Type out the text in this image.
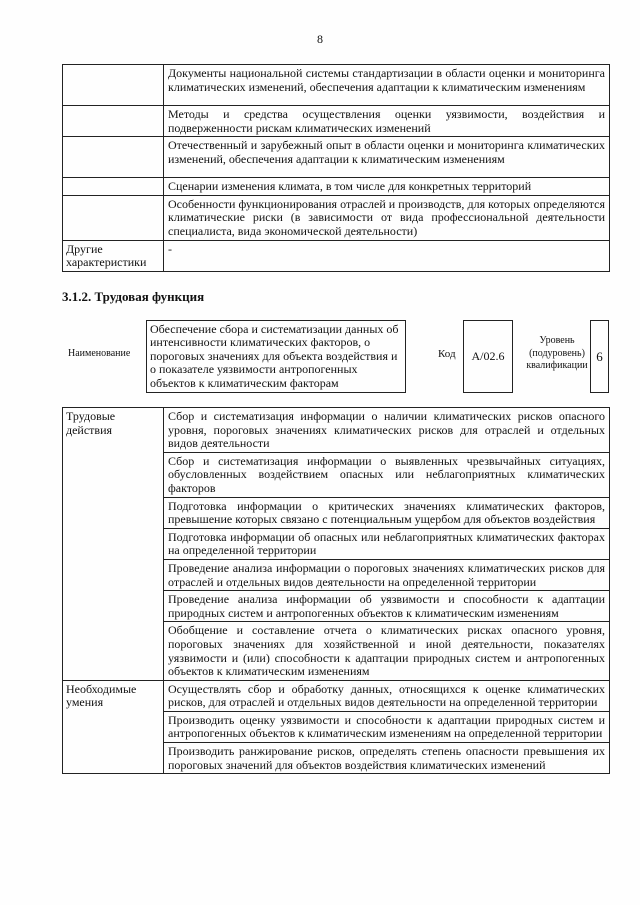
8
	Документы национальной системы стандартизации в области оценки и мониторинга климатических изменений, обеспечения адаптации к климатическим изменениям
	Методы и средства осуществления оценки уязвимости, воздействия и подверженности рискам климатических изменений
	Отечественный и зарубежный опыт в области оценки и мониторинга климатических изменений, обеспечения адаптации к климатическим изменениям
	Сценарии изменения климата, в том числе для конкретных территорий
	Особенности функционирования отраслей и производств, для которых определяются климатические риски (в зависимости от вида профессиональной деятельности специалиста, вида экономической деятельности)
Другие характеристики	-
3.1.2. Трудовая функция
Наименование
Обеспечение сбора и систематизации данных об интенсивности климатических факторов, о пороговых значениях для объекта воздействия и о показателе уязвимости антропогенных объектов к климатическим факторам
Код	А/02.6
Уровень (подуровень) квалификации
6
Трудовые действия	Сбор и систематизация информации о наличии климатических рисков опасного уровня, пороговых значениях климатических рисков для отраслей и отдельных видов деятельности
	Сбор и систематизация информации о выявленных чрезвычайных ситуациях, обусловленных воздействием опасных или неблагоприятных климатических факторов
	Подготовка информации о критических значениях климатических факторов, превышение которых связано с потенциальным ущербом для объектов воздействия
	Подготовка информации об опасных или неблагоприятных климатических факторах на определенной территории
	Проведение анализа информации о пороговых значениях климатических рисков для отраслей и отдельных видов деятельности на определенной территории
	Проведение анализа информации об уязвимости и способности к адаптации природных систем и антропогенных объектов к климатическим изменениям
	Обобщение и составление отчета о климатических рисках опасного уровня, пороговых значениях для хозяйственной и иной деятельности, показателях уязвимости и (или) способности к адаптации природных систем и антропогенных объектов к климатическим изменениям
Необходимые умения	Осуществлять сбор и обработку данных, относящихся к оценке климатических рисков, для отраслей и отдельных видов деятельности на определенной территории
	Производить оценку уязвимости и способности к адаптации природных систем и антропогенных объектов к климатическим изменениям на определенной территории
	Производить ранжирование рисков, определять степень опасности превышения их пороговых значений для объектов воздействия климатических изменений
